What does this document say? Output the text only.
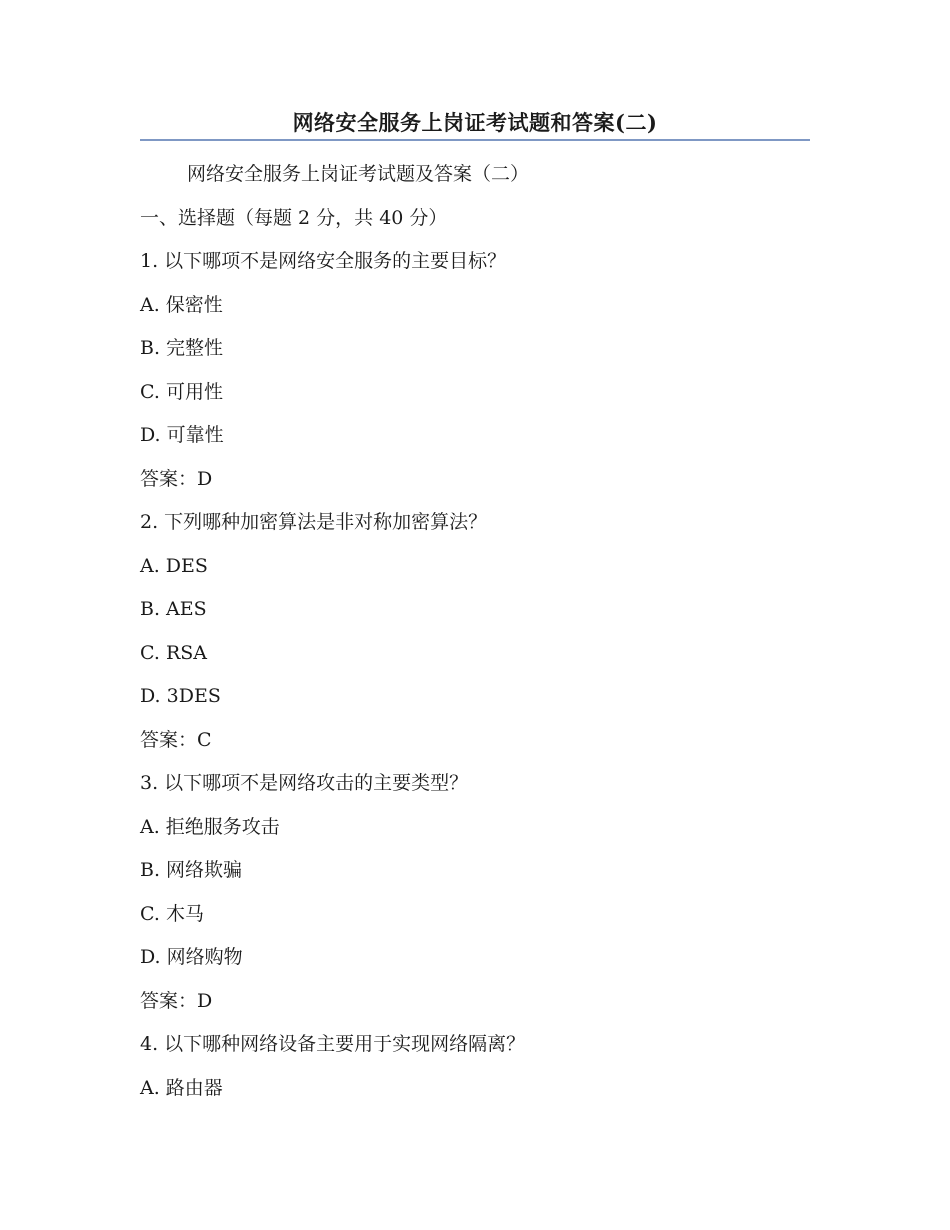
网络安全服务上岗证考试题和答案(二)
网络安全服务上岗证考试题及答案（二）
一、选择题（每题 2 分，共 40 分）
1. 以下哪项不是网络安全服务的主要目标？
A. 保密性
B. 完整性
C. 可用性
D. 可靠性
答案：D
2. 下列哪种加密算法是非对称加密算法？
A. DES
B. AES
C. RSA
D. 3DES
答案：C
3. 以下哪项不是网络攻击的主要类型？
A. 拒绝服务攻击
B. 网络欺骗
C. 木马
D. 网络购物
答案：D
4. 以下哪种网络设备主要用于实现网络隔离？
A. 路由器
